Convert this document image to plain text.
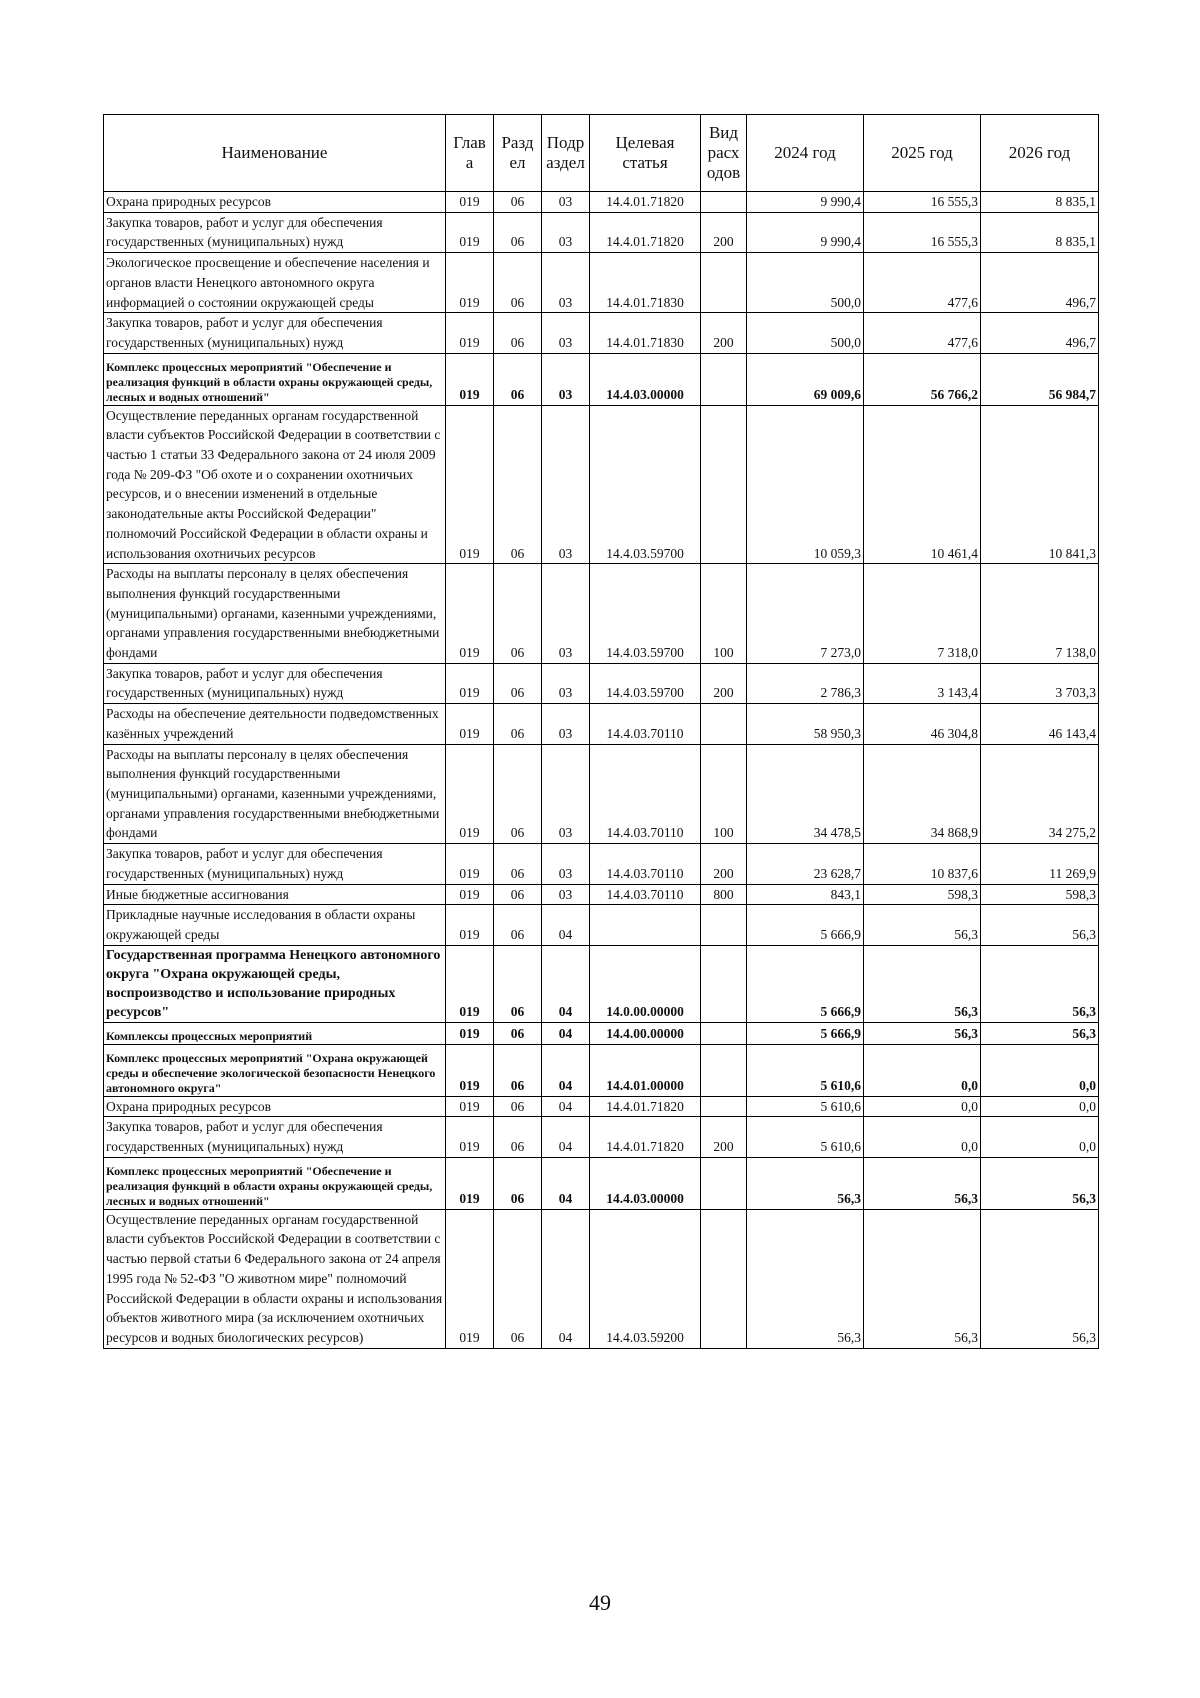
Наименование	Глав а	Разд ел	Подр аздел	Целевая статья	Вид расх одов	2024 год	2025 год	2026 год
Охрана природных ресурсов	019	06	03	14.4.01.71820		9 990,4	16 555,3	8 835,1
Закупка товаров, работ и услуг для обеспечения государственных (муниципальных) нужд	019	06	03	14.4.01.71820	200	9 990,4	16 555,3	8 835,1
Экологическое просвещение и обеспечение населения и органов власти Ненецкого автономного округа информацией о состоянии окружающей среды	019	06	03	14.4.01.71830		500,0	477,6	496,7
Закупка товаров, работ и услуг для обеспечения государственных (муниципальных) нужд	019	06	03	14.4.01.71830	200	500,0	477,6	496,7
Комплекс процессных мероприятий "Обеспечение и реализация функций в области охраны окружающей среды, лесных и водных отношений"	019	06	03	14.4.03.00000		69 009,6	56 766,2	56 984,7
Осуществление переданных органам государственной власти субъектов Российской Федерации в соответствии с частью 1 статьи 33 Федерального закона от 24 июля 2009 года № 209-ФЗ "Об охоте и о сохранении охотничьих ресурсов, и о внесении изменений в отдельные законодательные акты Российской Федерации" полномочий Российской Федерации в области охраны и использования охотничьих ресурсов	019	06	03	14.4.03.59700		10 059,3	10 461,4	10 841,3
Расходы на выплаты персоналу в целях обеспечения выполнения функций государственными (муниципальными) органами, казенными учреждениями, органами управления государственными внебюджетными фондами	019	06	03	14.4.03.59700	100	7 273,0	7 318,0	7 138,0
Закупка товаров, работ и услуг для обеспечения государственных (муниципальных) нужд	019	06	03	14.4.03.59700	200	2 786,3	3 143,4	3 703,3
Расходы на обеспечение деятельности подведомственных казённых учреждений	019	06	03	14.4.03.70110		58 950,3	46 304,8	46 143,4
Расходы на выплаты персоналу в целях обеспечения выполнения функций государственными (муниципальными) органами, казенными учреждениями, органами управления государственными внебюджетными фондами	019	06	03	14.4.03.70110	100	34 478,5	34 868,9	34 275,2
Закупка товаров, работ и услуг для обеспечения государственных (муниципальных) нужд	019	06	03	14.4.03.70110	200	23 628,7	10 837,6	11 269,9
Иные бюджетные ассигнования	019	06	03	14.4.03.70110	800	843,1	598,3	598,3
Прикладные научные исследования в области охраны окружающей среды	019	06	04			5 666,9	56,3	56,3
Государственная программа Ненецкого автономного округа "Охрана окружающей среды, воспроизводство и использование природных ресурсов"	019	06	04	14.0.00.00000		5 666,9	56,3	56,3
Комплексы процессных мероприятий	019	06	04	14.4.00.00000		5 666,9	56,3	56,3
Комплекс процессных мероприятий "Охрана окружающей среды и обеспечение экологической безопасности Ненецкого автономного округа"	019	06	04	14.4.01.00000		5 610,6	0,0	0,0
Охрана природных ресурсов	019	06	04	14.4.01.71820		5 610,6	0,0	0,0
Закупка товаров, работ и услуг для обеспечения государственных (муниципальных) нужд	019	06	04	14.4.01.71820	200	5 610,6	0,0	0,0
Комплекс процессных мероприятий "Обеспечение и реализация функций в области охраны окружающей среды, лесных и водных отношений"	019	06	04	14.4.03.00000		56,3	56,3	56,3
Осуществление переданных органам государственной власти субъектов Российской Федерации в соответствии с частью первой статьи 6 Федерального закона от 24 апреля 1995 года № 52-ФЗ "О животном мире" полномочий Российской Федерации в области охраны и использования объектов животного мира (за исключением охотничьих ресурсов и водных биологических ресурсов)	019	06	04	14.4.03.59200		56,3	56,3	56,3
49
